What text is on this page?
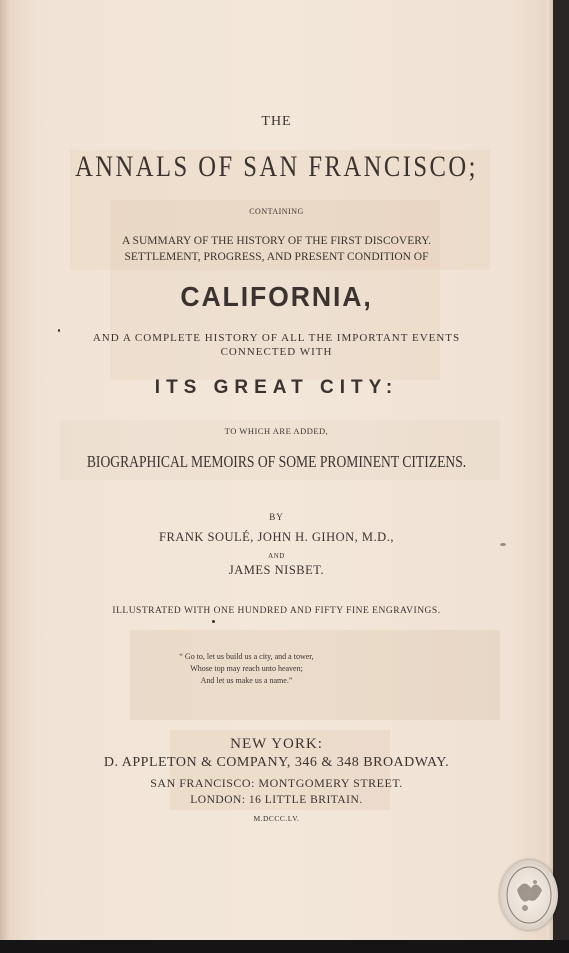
THE
ANNALS OF SAN FRANCISCO;
CONTAINING
A SUMMARY OF THE HISTORY OF THE FIRST DISCOVERY.
SETTLEMENT, PROGRESS, AND PRESENT CONDITION OF
CALIFORNIA,
AND A COMPLETE HISTORY OF ALL THE IMPORTANT EVENTS
CONNECTED WITH
ITS GREAT CITY:
TO WHICH ARE ADDED,
BIOGRAPHICAL MEMOIRS OF SOME PROMINENT CITIZENS.
BY
FRANK SOULÉ, JOHN H. GIHON, M.D.,
AND
JAMES NISBET.
ILLUSTRATED WITH ONE HUNDRED AND FIFTY FINE ENGRAVINGS.
“ Go to, let us build us a city, and a tower,
Whose top may reach unto heaven;
And let us make us a name.”
NEW YORK:
D. APPLETON & COMPANY, 346 & 348 BROADWAY.
SAN FRANCISCO: MONTGOMERY STREET.
LONDON: 16 LITTLE BRITAIN.
M.DCCC.LV.
